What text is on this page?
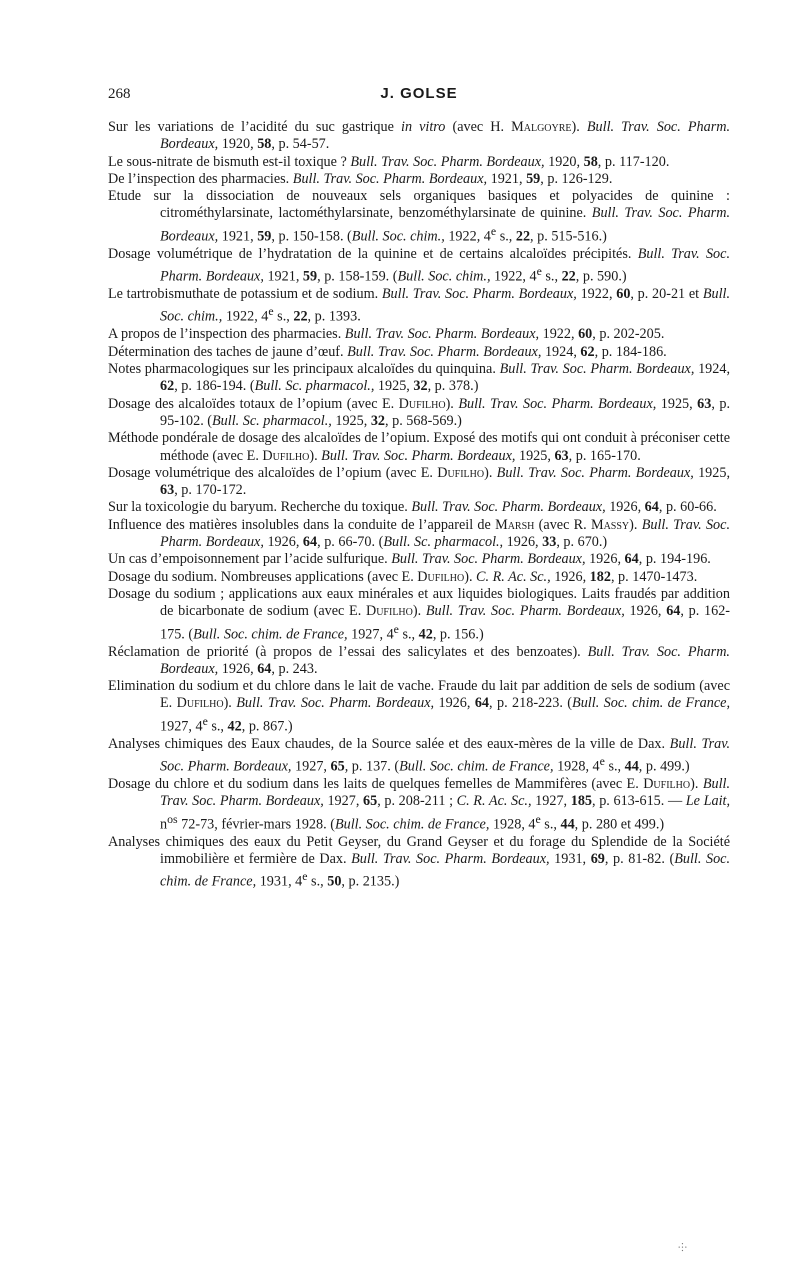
268	J. GOLSE

Sur les variations de l’acidité du suc gastrique in vitro (avec H. Malgoyre). Bull. Trav. Soc. Pharm. Bordeaux, 1920, 58, p. 54-57.

Le sous-nitrate de bismuth est-il toxique ? Bull. Trav. Soc. Pharm. Bordeaux, 1920, 58, p. 117-120.

De l’inspection des pharmacies. Bull. Trav. Soc. Pharm. Bordeaux, 1921, 59, p. 126-129.

Etude sur la dissociation de nouveaux sels organiques basiques et polyacides de quinine : citrométhylarsinate, lactométhylarsinate, benzométhylarsinate de quinine. Bull. Trav. Soc. Pharm. Bordeaux, 1921, 59, p. 150-158. (Bull. Soc. chim., 1922, 4e s., 22, p. 515-516.)

Dosage volumétrique de l’hydratation de la quinine et de certains alcaloïdes précipités. Bull. Trav. Soc. Pharm. Bordeaux, 1921, 59, p. 158-159. (Bull. Soc. chim., 1922, 4e s., 22, p. 590.)

Le tartrobismuthate de potassium et de sodium. Bull. Trav. Soc. Pharm. Bordeaux, 1922, 60, p. 20-21 et Bull. Soc. chim., 1922, 4e s., 22, p. 1393.

A propos de l’inspection des pharmacies. Bull. Trav. Soc. Pharm. Bordeaux, 1922, 60, p. 202-205.

Détermination des taches de jaune d’œuf. Bull. Trav. Soc. Pharm. Bordeaux, 1924, 62, p. 184-186.

Notes pharmacologiques sur les principaux alcaloïdes du quinquina. Bull. Trav. Soc. Pharm. Bordeaux, 1924, 62, p. 186-194. (Bull. Sc. pharmacol., 1925, 32, p. 378.)

Dosage des alcaloïdes totaux de l’opium (avec E. Dufilho). Bull. Trav. Soc. Pharm. Bordeaux, 1925, 63, p. 95-102. (Bull. Sc. pharmacol., 1925, 32, p. 568-569.)

Méthode pondérale de dosage des alcaloïdes de l’opium. Exposé des motifs qui ont conduit à préconiser cette méthode (avec E. Dufilho). Bull. Trav. Soc. Pharm. Bordeaux, 1925, 63, p. 165-170.

Dosage volumétrique des alcaloïdes de l’opium (avec E. Dufilho). Bull. Trav. Soc. Pharm. Bordeaux, 1925, 63, p. 170-172.

Sur la toxicologie du baryum. Recherche du toxique. Bull. Trav. Soc. Pharm. Bordeaux, 1926, 64, p. 60-66.

Influence des matières insolubles dans la conduite de l’appareil de Marsh (avec R. Massy). Bull. Trav. Soc. Pharm. Bordeaux, 1926, 64, p. 66-70. (Bull. Sc. pharmacol., 1926, 33, p. 670.)

Un cas d’empoisonnement par l’acide sulfurique. Bull. Trav. Soc. Pharm. Bordeaux, 1926, 64, p. 194-196.

Dosage du sodium. Nombreuses applications (avec E. Dufilho). C. R. Ac. Sc., 1926, 182, p. 1470-1473.

Dosage du sodium ; applications aux eaux minérales et aux liquides biologiques. Laits fraudés par addition de bicarbonate de sodium (avec E. Dufilho). Bull. Trav. Soc. Pharm. Bordeaux, 1926, 64, p. 162-175. (Bull. Soc. chim. de France, 1927, 4e s., 42, p. 156.)

Réclamation de priorité (à propos de l’essai des salicylates et des benzoates). Bull. Trav. Soc. Pharm. Bordeaux, 1926, 64, p. 243.

Elimination du sodium et du chlore dans le lait de vache. Fraude du lait par addition de sels de sodium (avec E. Dufilho). Bull. Trav. Soc. Pharm. Bordeaux, 1926, 64, p. 218-223. (Bull. Soc. chim. de France, 1927, 4e s., 42, p. 867.)

Analyses chimiques des Eaux chaudes, de la Source salée et des eaux-mères de la ville de Dax. Bull. Trav. Soc. Pharm. Bordeaux, 1927, 65, p. 137. (Bull. Soc. chim. de France, 1928, 4e s., 44, p. 499.)

Dosage du chlore et du sodium dans les laits de quelques femelles de Mammifères (avec E. Dufilho). Bull. Trav. Soc. Pharm. Bordeaux, 1927, 65, p. 208-211 ; C. R. Ac. Sc., 1927, 185, p. 613-615. — Le Lait, $n^{os}$ 72-73, février-mars 1928. (Bull. Soc. chim. de France, 1928, 4e s., 44, p. 280 et 499.)

Analyses chimiques des eaux du Petit Geyser, du Grand Geyser et du forage du Splendide de la Société immobilière et fermière de Dax. Bull. Trav. Soc. Pharm. Bordeaux, 1931, 69, p. 81-82. (Bull. Soc. chim. de France, 1931, 4e s., 50, p. 2135.)

⸭
